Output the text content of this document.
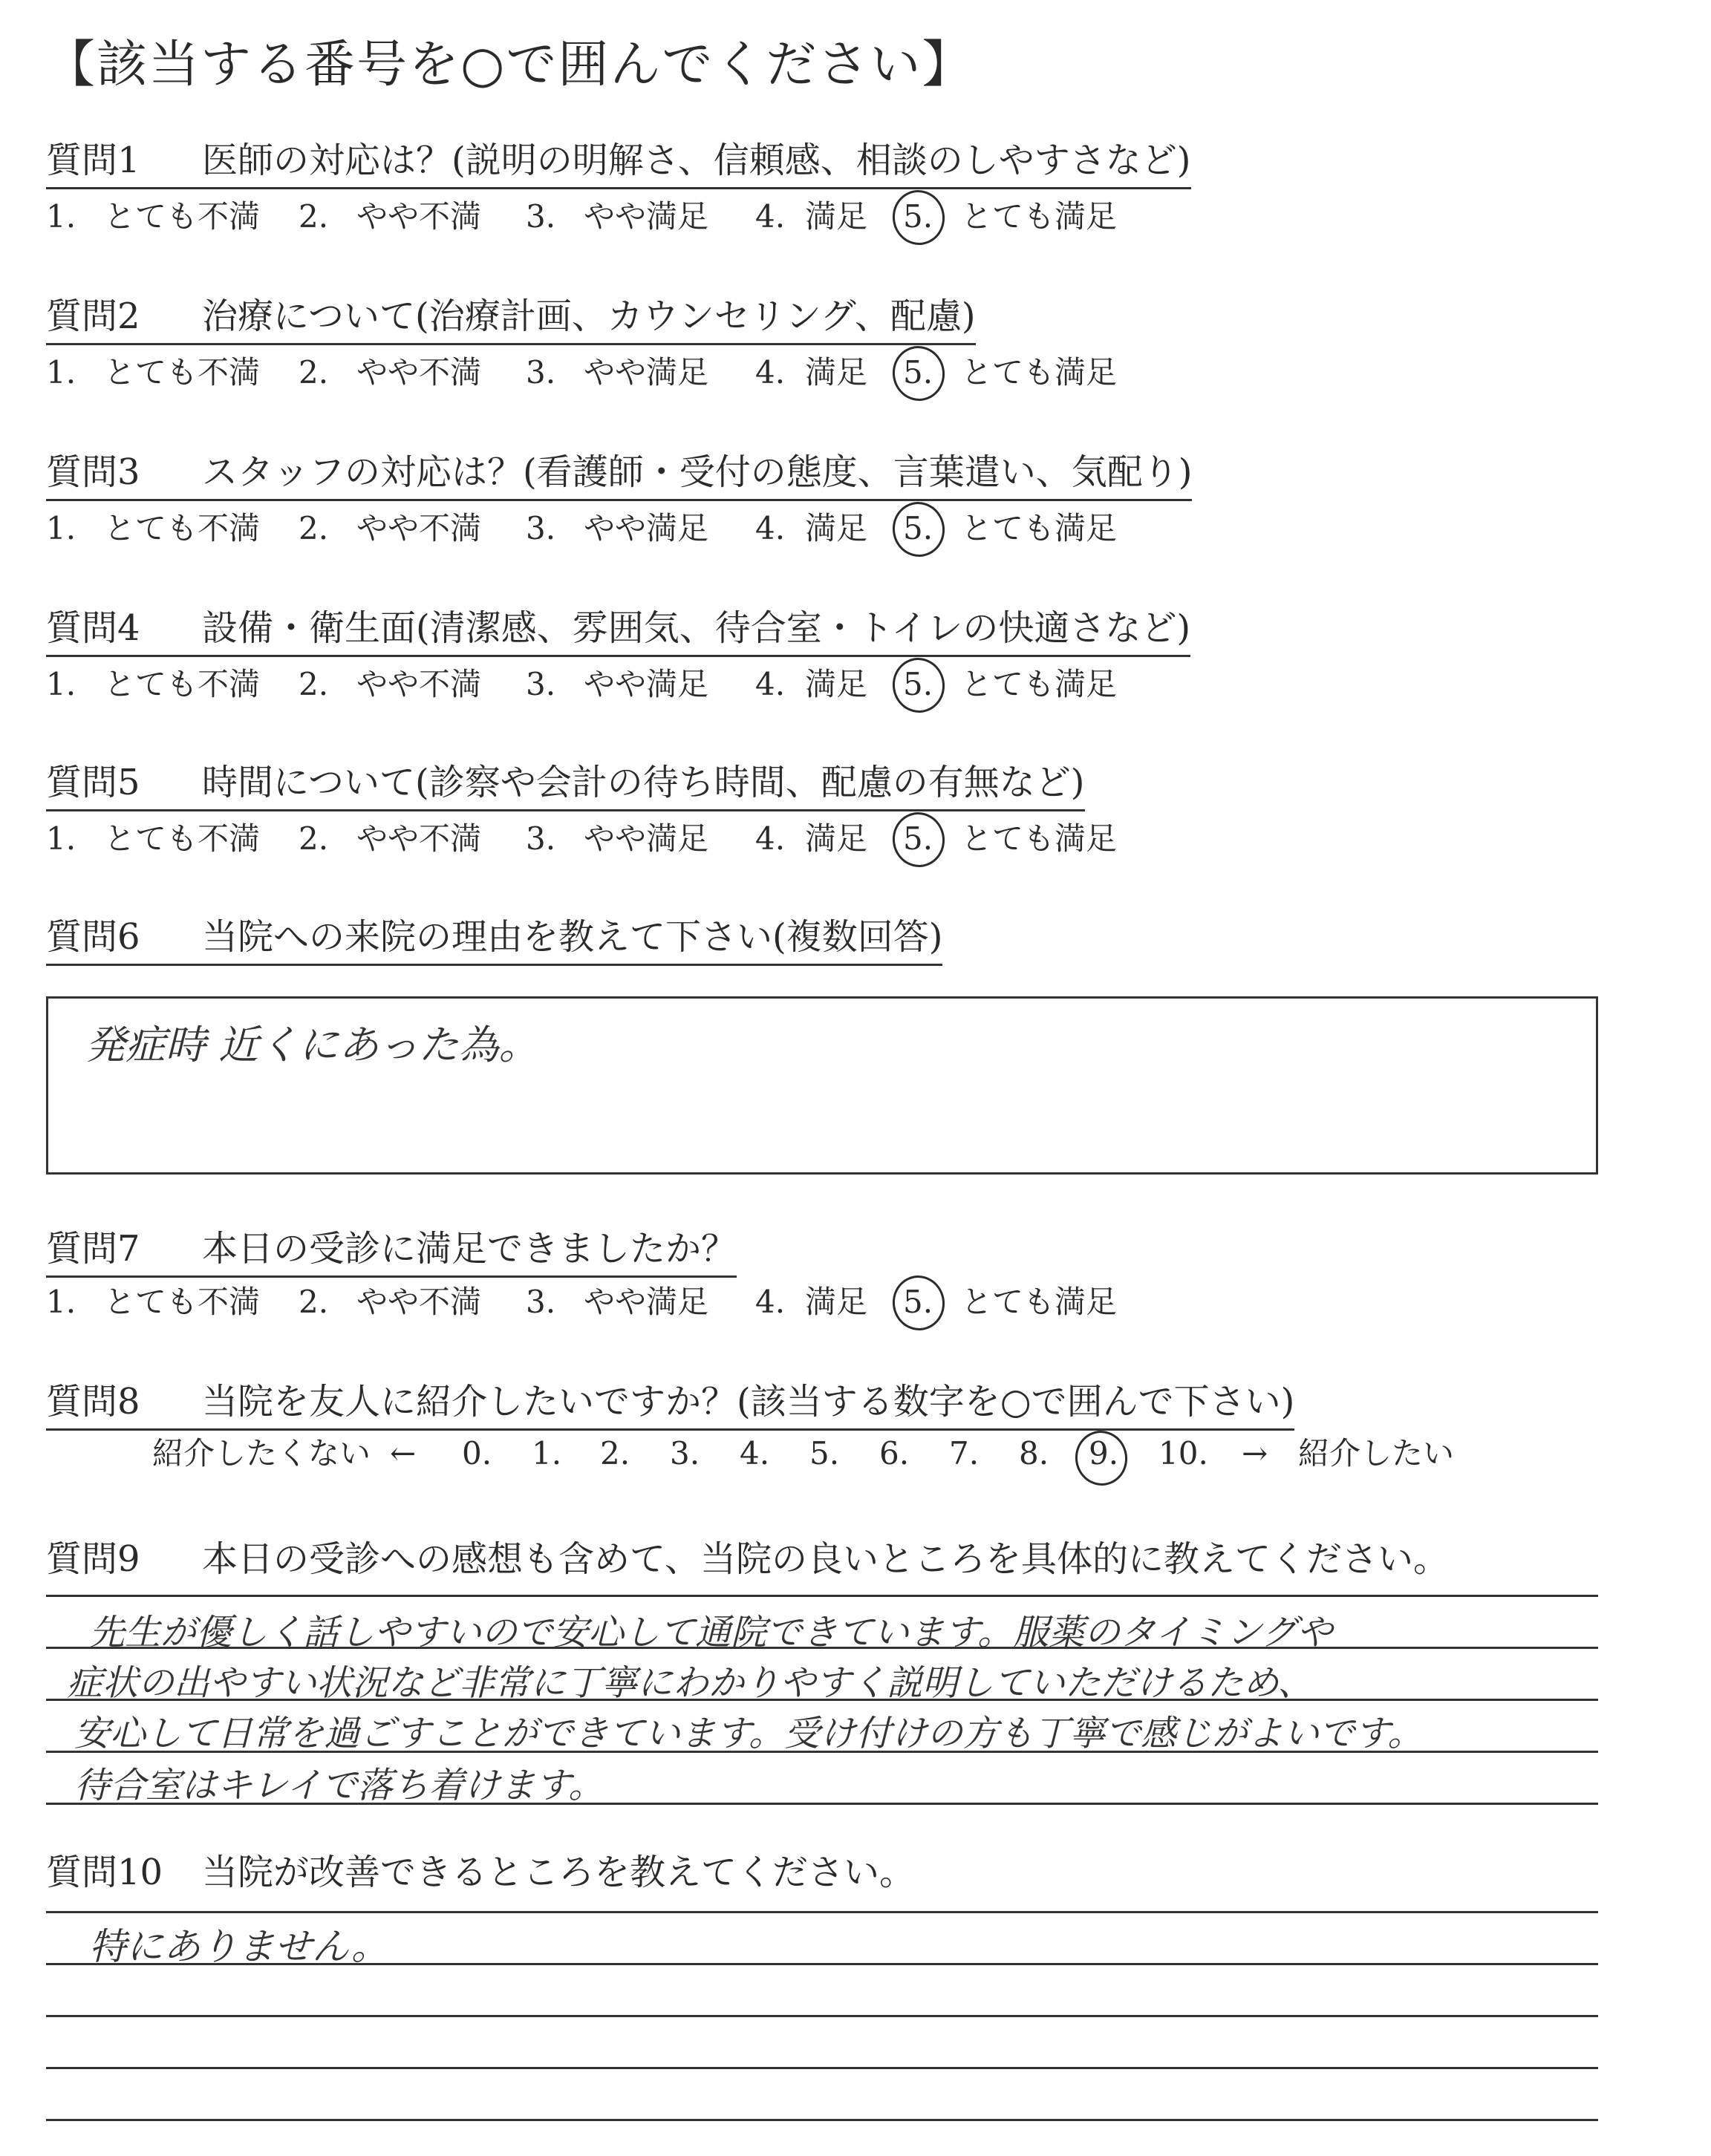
【該当する番号を○で囲んでください】
質問1 医師の対応は？(説明の明解さ、信頼感、相談のしやすさなど)
1. とても不満 2. やや不満 3. やや満足 4. 満足 5. とても満足
質問2 治療について(治療計画、カウンセリング、配慮)
1. とても不満 2. やや不満 3. やや満足 4. 満足 5. とても満足
質問3 スタッフの対応は？(看護師・受付の態度、言葉遣い、気配り)
1. とても不満 2. やや不満 3. やや満足 4. 満足 5. とても満足
質問4 設備・衛生面(清潔感、雰囲気、待合室・トイレの快適さなど)
1. とても不満 2. やや不満 3. やや満足 4. 満足 5. とても満足
質問5 時間について(診察や会計の待ち時間、配慮の有無など)
1. とても不満 2. やや不満 3. やや満足 4. 満足 5. とても満足
質問6 当院への来院の理由を教えて下さい(複数回答)
発症時 近くにあった為。
質問7 本日の受診に満足できましたか？
1. とても不満 2. やや不満 3. やや満足 4. 満足 5. とても満足
質問8 当院を友人に紹介したいですか？(該当する数字を○で囲んで下さい)
紹介したくない ← 0. 1. 2. 3. 4. 5. 6. 7. 8. 9. 10. → 紹介したい
質問9 本日の受診への感想も含めて、当院の良いところを具体的に教えてください。
先生が優しく話しやすいので安心して通院できています。服薬のタイミングや
症状の出やすい状況など非常に丁寧にわかりやすく説明していただけるため、
安心して日常を過ごすことができています。受け付けの方も丁寧で感じがよいです。
待合室はキレイで落ち着けます。
質問10 当院が改善できるところを教えてください。
特にありません。
